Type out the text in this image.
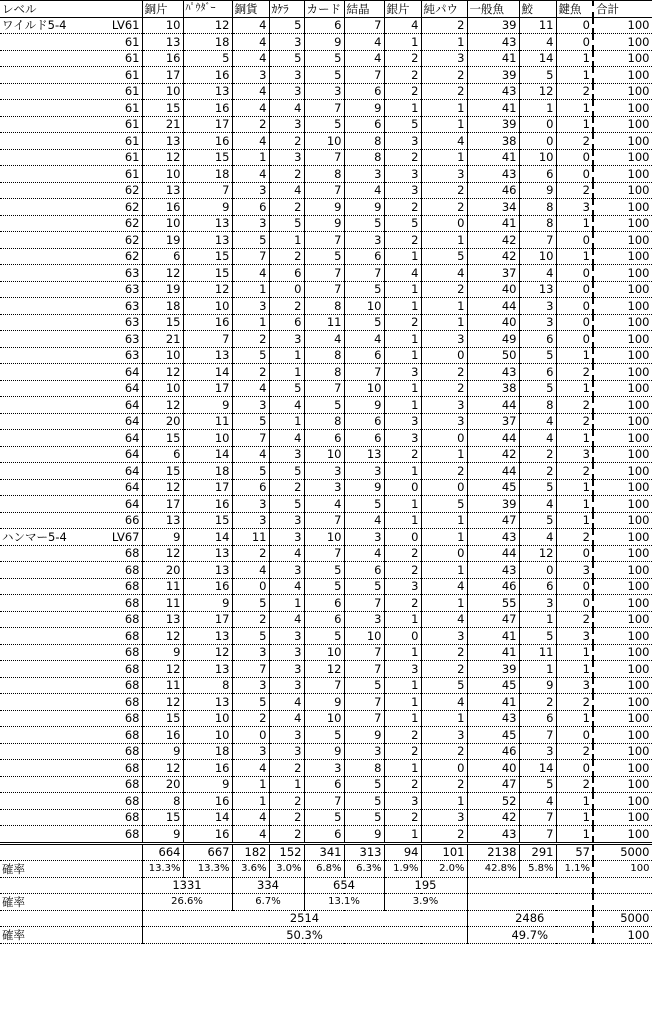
レベル	銅片	ﾊﾟｳﾀﾞｰ	銅貨	ｶｹﾗ	カード	結晶	銀片	純パウ	一般魚	鮫	鍵魚	合計

ワイルド5-4 LV61	10	12	4	5	6	7	4	2	39	11	0	100
61	13	18	4	3	9	4	1	1	43	4	0	100
61	16	5	4	5	5	4	2	3	41	14	1	100
61	17	16	3	3	5	7	2	2	39	5	1	100
61	10	13	4	3	3	6	2	2	43	12	2	100
61	15	16	4	4	7	9	1	1	41	1	1	100
61	21	17	2	3	5	6	5	1	39	0	1	100
61	13	16	4	2	10	8	3	4	38	0	2	100
61	12	15	1	3	7	8	2	1	41	10	0	100
61	10	18	4	2	8	3	3	3	43	6	0	100
62	13	7	3	4	7	4	3	2	46	9	2	100
62	16	9	6	2	9	9	2	2	34	8	3	100
62	10	13	3	5	9	5	5	0	41	8	1	100
62	19	13	5	1	7	3	2	1	42	7	0	100
62	6	15	7	2	5	6	1	5	42	10	1	100
63	12	15	4	6	7	7	4	4	37	4	0	100
63	19	12	1	0	7	5	1	2	40	13	0	100
63	18	10	3	2	8	10	1	1	44	3	0	100
63	15	16	1	6	11	5	2	1	40	3	0	100
63	21	7	2	3	4	4	1	3	49	6	0	100
63	10	13	5	1	8	6	1	0	50	5	1	100
64	12	14	2	1	8	7	3	2	43	6	2	100
64	10	17	4	5	7	10	1	2	38	5	1	100
64	12	9	3	4	5	9	1	3	44	8	2	100
64	20	11	5	1	8	6	3	3	37	4	2	100
64	15	10	7	4	6	6	3	0	44	4	1	100
64	6	14	4	3	10	13	2	1	42	2	3	100
64	15	18	5	5	3	3	1	2	44	2	2	100
64	12	17	6	2	3	9	0	0	45	5	1	100
64	17	16	3	5	4	5	1	5	39	4	1	100
66	13	15	3	3	7	4	1	1	47	5	1	100

ハンマー5-4 LV67	9	14	11	3	10	3	0	1	43	4	2	100
68	12	13	2	4	7	4	2	0	44	12	0	100
68	20	13	4	3	5	6	2	1	43	0	3	100
68	11	16	0	4	5	5	3	4	46	6	0	100
68	11	9	5	1	6	7	2	1	55	3	0	100
68	13	17	2	4	6	3	1	4	47	1	2	100
68	12	13	5	3	5	10	0	3	41	5	3	100
68	9	12	3	3	10	7	1	2	41	11	1	100
68	12	13	7	3	12	7	3	2	39	1	1	100
68	11	8	3	3	7	5	1	5	45	9	3	100
68	12	13	5	4	9	7	1	4	41	2	2	100
68	15	10	2	4	10	7	1	1	43	6	1	100
68	16	10	0	3	5	9	2	3	45	7	0	100
68	9	18	3	3	9	3	2	2	46	3	2	100
68	12	16	4	2	3	8	1	0	40	14	0	100
68	20	9	1	1	6	5	2	2	47	5	2	100
68	8	16	1	2	7	5	3	1	52	4	1	100
68	15	14	4	2	5	5	2	3	42	7	1	100
68	9	16	4	2	6	9	1	2	43	7	1	100
	664	667	182	152	341	313	94	101	2138	291	57	5000
確率	13.3%	13.3%	3.6%	3.0%	6.8%	6.3%	1.9%	2.0%	42.8%	5.8%	1.1%	100
	1331		334		654		195					
確率	26.6%		6.7%		13.1%		3.9%					
	2514								2486			5000
確率	50.3%								49.7%			100
